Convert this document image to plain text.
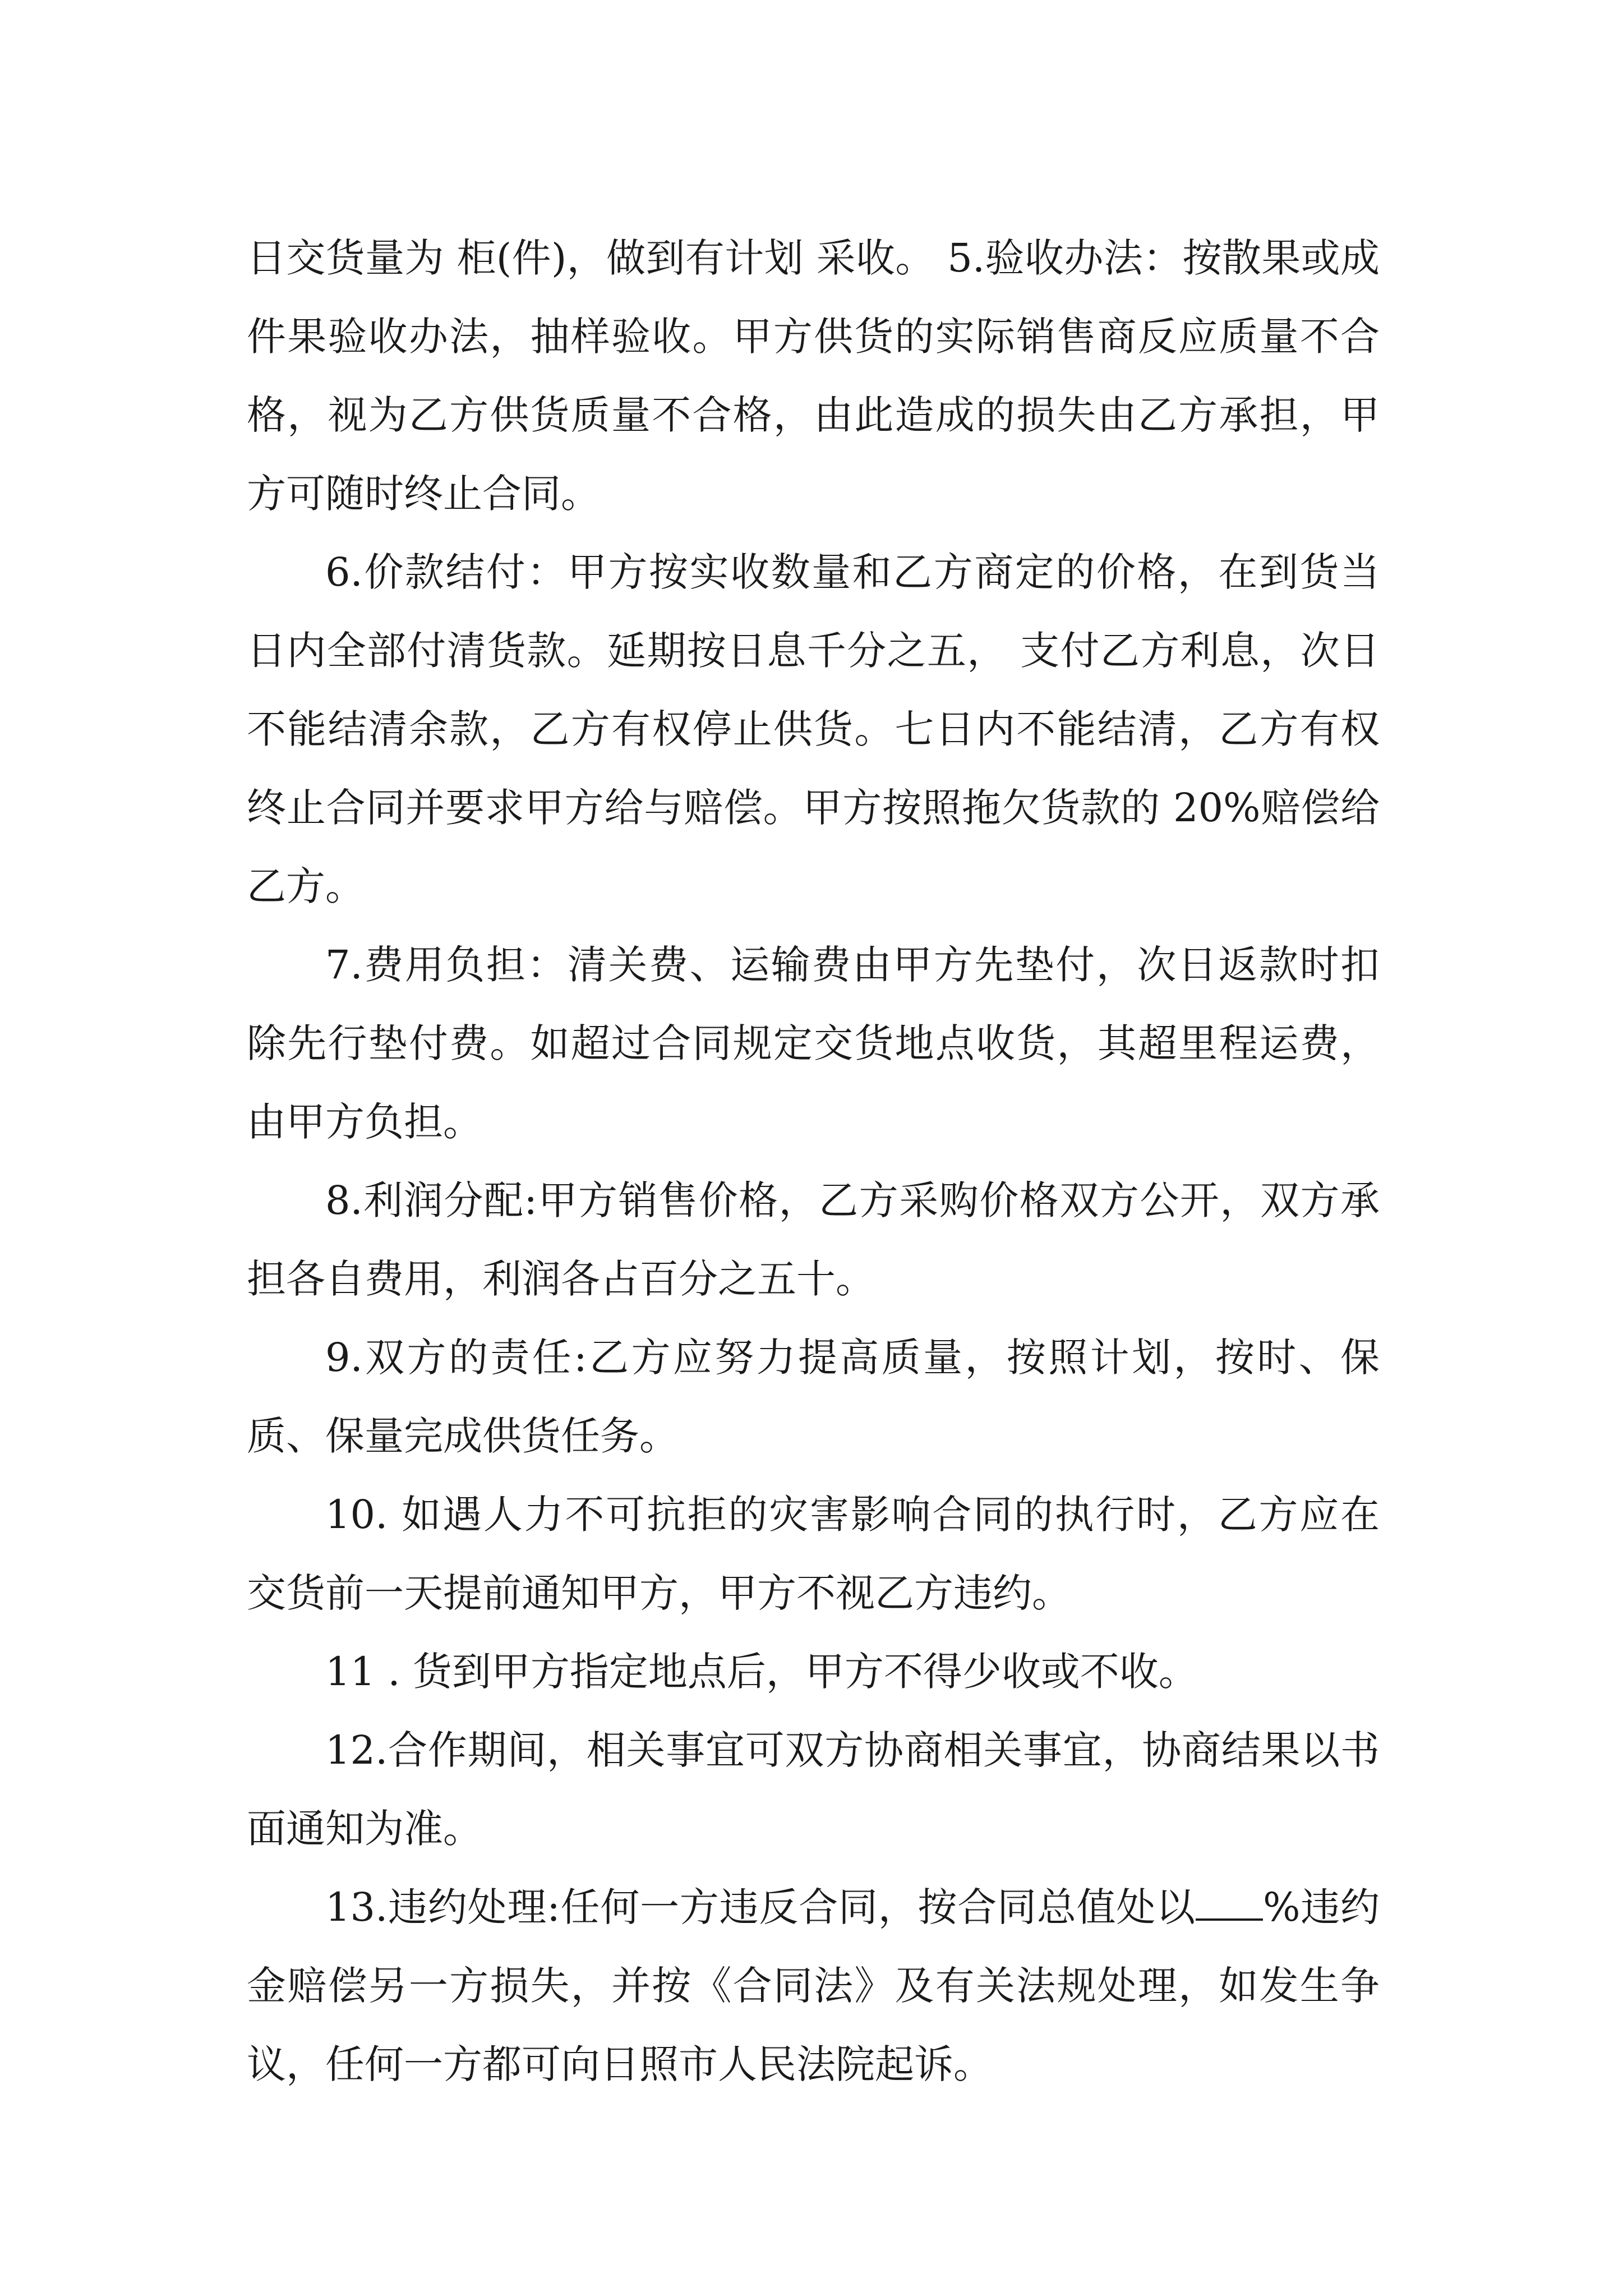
日交货量为 柜(件)，做到有计划 采收。 5.验收办法：按散果或成件果验收办法，抽样验收。甲方供货的实际销售商反应质量不合格，视为乙方供货质量不合格，由此造成的损失由乙方承担，甲方可随时终止合同。

6.价款结付：甲方按实收数量和乙方商定的价格，在到货当日内全部付清货款。延期按日息千分之五， 支付乙方利息，次日不能结清余款，乙方有权停止供货。七日内不能结清，乙方有权终止合同并要求甲方给与赔偿。甲方按照拖欠货款的 20%赔偿给乙方。

7.费用负担：清关费、运输费由甲方先垫付，次日返款时扣除先行垫付费。如超过合同规定交货地点收货，其超里程运费，由甲方负担。

8.利润分配:甲方销售价格，乙方采购价格双方公开，双方承担各自费用，利润各占百分之五十。

9.双方的责任:乙方应努力提高质量，按照计划，按时、保质、保量完成供货任务。

10. 如遇人力不可抗拒的灾害影响合同的执行时，乙方应在交货前一天提前通知甲方，甲方不视乙方违约。

11 . 货到甲方指定地点后，甲方不得少收或不收。

12.合作期间，相关事宜可双方协商相关事宜，协商结果以书面通知为准。

13.违约处理:任何一方违反合同，按合同总值处以 %违约金赔偿另一方损失，并按《合同法》及有关法规处理，如发生争议，任何一方都可向日照市人民法院起诉。
